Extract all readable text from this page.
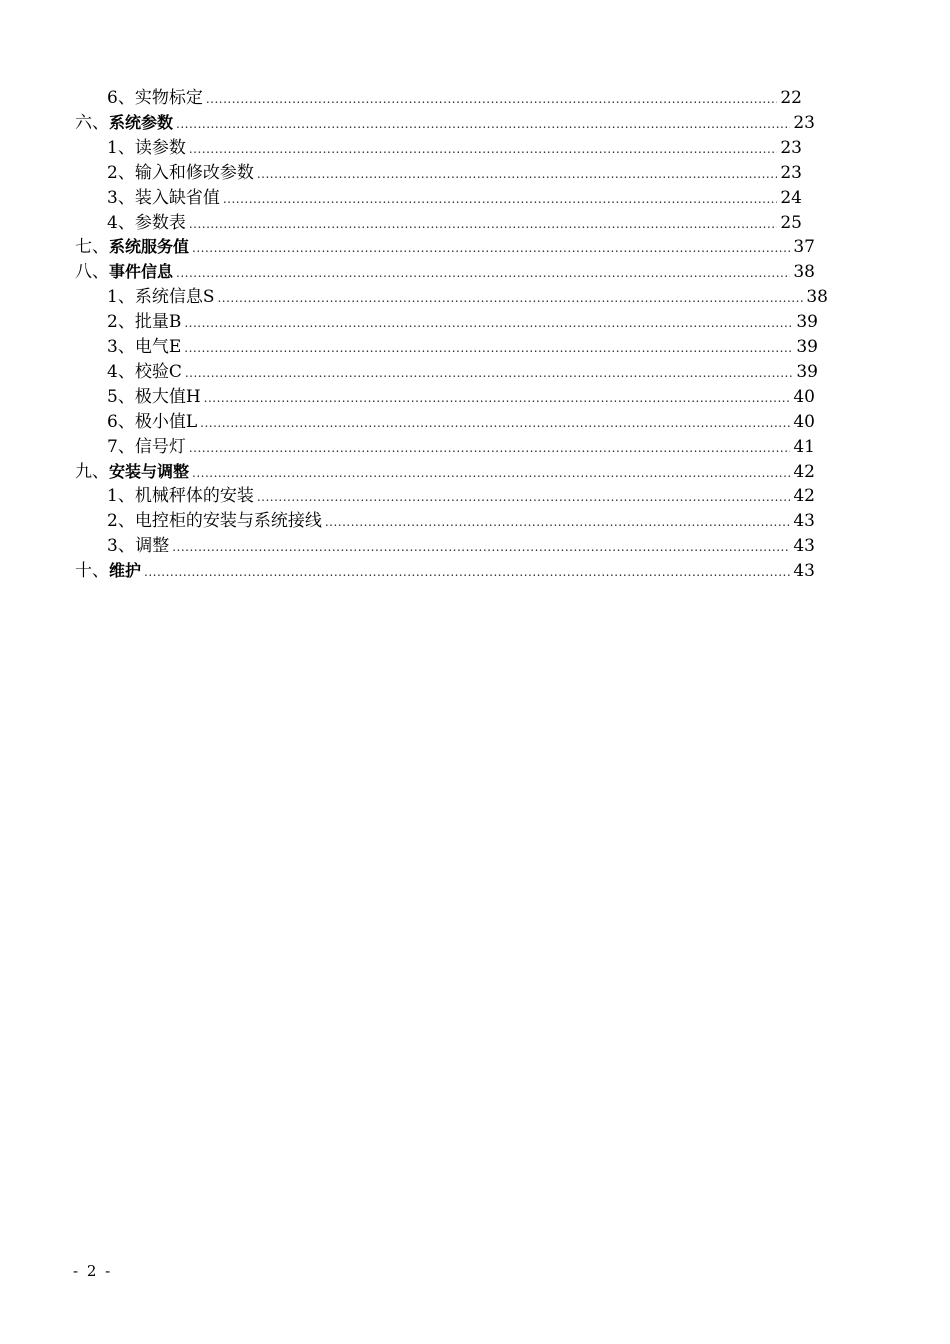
6、 实物标定 .....	22
六、 系统参数 .....	23
1、 读参数 .....	23
2、 输入和修改参数 .....	23
3、 装入缺省值 .....	24
4、 参数表 .....	25
七、 系统服务值 .....	37
八、 事件信息 .....	38
1、 系统信息S .....	38
2、 批量B .....	39
3、 电气E .....	39
4、 校验C .....	39
5、 极大值H .....	40
6、 极小值L .....	40
7、 信号灯 .....	41
九、 安装与调整 .....	42
1、 机械秤体的安装 .....	42
2、 电控柜的安装与系统接线 .....	43
3、 调整 .....	43
十、 维护 .....	43
- 2 -
